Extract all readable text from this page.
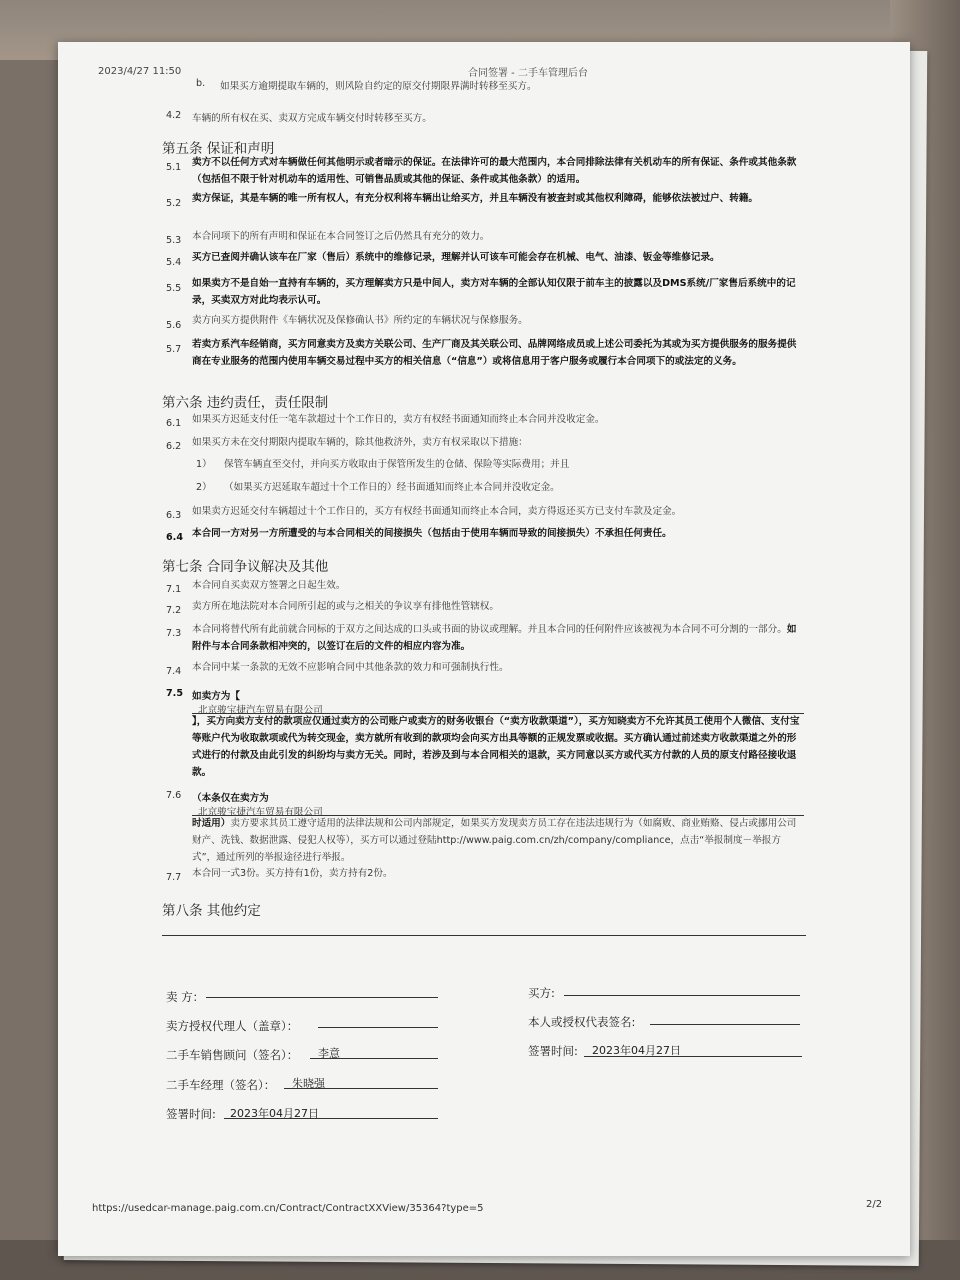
2023/4/27 11:50	合同签署 - 二手车管理后台
b. 如果买方逾期提取车辆的，则风险自约定的原交付期限界满时转移至买方。
4.2 车辆的所有权在买、卖双方完成车辆交付时转移至买方。
第五条 保证和声明
5.1 卖方不以任何方式对车辆做任何其他明示或者暗示的保证。在法律许可的最大范围内，本合同排除法律有关机动车的所有保证、条件或其他条款（包括但不限于针对机动车的适用性、可销售品质或其他的保证、条件或其他条款）的适用。
5.2 卖方保证，其是车辆的唯一所有权人，有充分权利将车辆出让给买方，并且车辆没有被查封或其他权利障碍，能够依法被过户、转籍。
5.3 本合同项下的所有声明和保证在本合同签订之后仍然具有充分的效力。
5.4 买方已查阅并确认该车在厂家（售后）系统中的维修记录，理解并认可该车可能会存在机械、电气、油漆、钣金等维修记录。
5.5 如果卖方不是自始一直持有车辆的，买方理解卖方只是中间人，卖方对车辆的全部认知仅限于前车主的披露以及DMS系统/厂家售后系统中的记录，买卖双方对此均表示认可。
5.6 卖方向买方提供附件《车辆状况及保修确认书》所约定的车辆状况与保修服务。
5.7 若卖方系汽车经销商，买方同意卖方及卖方关联公司、生产厂商及其关联公司、品牌网络成员或上述公司委托为其或为买方提供服务的服务提供商在专业服务的范围内使用车辆交易过程中买方的相关信息（“信息”）或将信息用于客户服务或履行本合同项下的或法定的义务。
第六条 违约责任，责任限制
6.1 如果买方迟延支付任一笔车款超过十个工作日的，卖方有权经书面通知而终止本合同并没收定金。
6.2 如果买方未在交付期限内提取车辆的，除其他救济外，卖方有权采取以下措施：
1） 保管车辆直至交付，并向买方收取由于保管所发生的仓储、保险等实际费用；并且
2） （如果买方迟延取车超过十个工作日的）经书面通知而终止本合同并没收定金。
6.3 如果卖方迟延交付车辆超过十个工作日的，买方有权经书面通知而终止本合同，卖方得返还买方已支付车款及定金。
6.4 本合同一方对另一方所遭受的与本合同相关的间接损失（包括由于使用车辆而导致的间接损失）不承担任何责任。
第七条 合同争议解决及其他
7.1 本合同自买卖双方签署之日起生效。
7.2 卖方所在地法院对本合同所引起的或与之相关的争议享有排他性管辖权。
7.3 本合同将替代所有此前就合同标的于双方之间达成的口头或书面的协议或理解。并且本合同的任何附件应该被视为本合同不可分割的一部分。如附件与本合同条款相冲突的，以签订在后的文件的相应内容为准。
7.4 本合同中某一条款的无效不应影响合同中其他条款的效力和可强制执行性。
7.5 如卖方为【
北京骏宝捷汽车贸易有限公司
】，买方向卖方支付的款项应仅通过卖方的公司账户或卖方的财务收银台（“卖方收款渠道”），买方知晓卖方不允许其员工使用个人微信、支付宝等账户代为收取款项或代为转交现金，卖方就所有收到的款项均会向买方出具等额的正规发票或收据。买方确认通过前述卖方收款渠道之外的形式进行的付款及由此引发的纠纷均与卖方无关。同时，若涉及到与本合同相关的退款，买方同意以买方或代买方付款的人员的原支付路径接收退款。
7.6 （本条仅在卖方为
北京骏宝捷汽车贸易有限公司
时适用）卖方要求其员工遵守适用的法律法规和公司内部规定，如果买方发现卖方员工存在违法违规行为（如腐败、商业贿赂、侵占或挪用公司财产、洗钱、数据泄露、侵犯人权等），买方可以通过登陆http://www.paig.com.cn/zh/company/compliance，点击“举报制度－举报方式”，通过所列的举报途径进行举报。
7.7 本合同一式3份。买方持有1份，卖方持有2份。
第八条 其他约定
卖 方：
卖方授权代理人（盖章）：
二手车销售顾问（签名）： 李意
二手车经理（签名）： 朱晓强
签署时间: 2023年04月27日
买方:
本人或授权代表签名:
签署时间: 2023年04月27日
https://usedcar-manage.paig.com.cn/Contract/ContractXXView/35364?type=5	2/2
